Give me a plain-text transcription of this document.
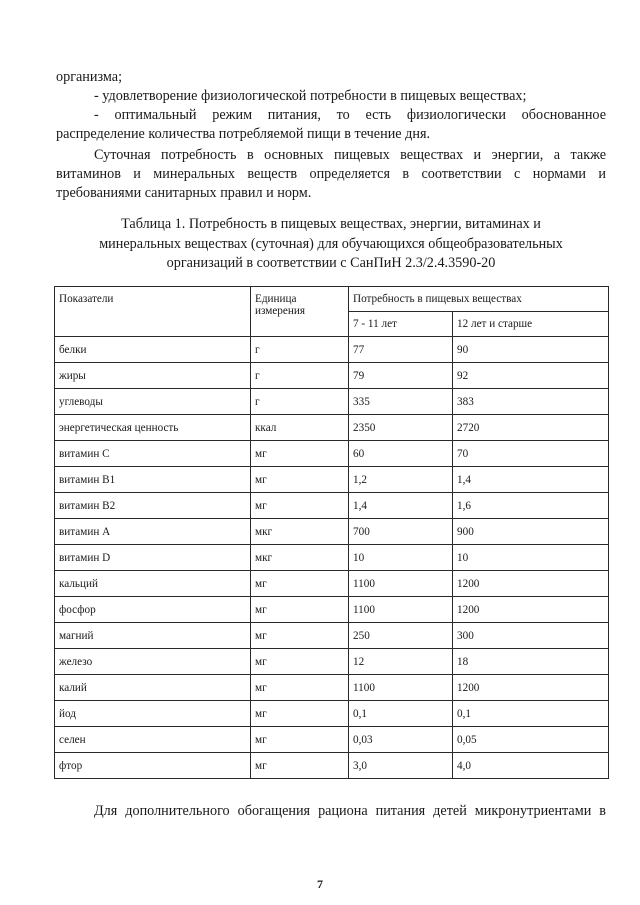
организма;
- удовлетворение физиологической потребности в пищевых веществах;
- оптимальный режим питания, то есть физиологически обоснованное
распределение количества потребляемой пищи в течение дня.
Суточная потребность в основных пищевых веществах и энергии, а также
витаминов и минеральных веществ определяется в соответствии с нормами и
требованиями санитарных правил и норм.
Таблица 1. Потребность в пищевых веществах, энергии, витаминах и
минеральных веществах (суточная) для обучающихся общеобразовательных
организаций в соответствии с СанПиН 2.3/2.4.3590-20
Показатели	Единица измерения	Потребность в пищевых веществах	
		7 - 11 лет	12 лет и старше
белки	г	77	90
жиры	г	79	92
углеводы	г	335	383
энергетическая ценность	ккал	2350	2720
витамин C	мг	60	70
витамин B1	мг	1,2	1,4
витамин B2	мг	1,4	1,6
витамин A	мкг	700	900
витамин D	мкг	10	10
кальций	мг	1100	1200
фосфор	мг	1100	1200
магний	мг	250	300
железо	мг	12	18
калий	мг	1100	1200
йод	мг	0,1	0,1
селен	мг	0,03	0,05
фтор	мг	3,0	4,0
Для дополнительного обогащения рациона питания детей микронутриентами в
7
